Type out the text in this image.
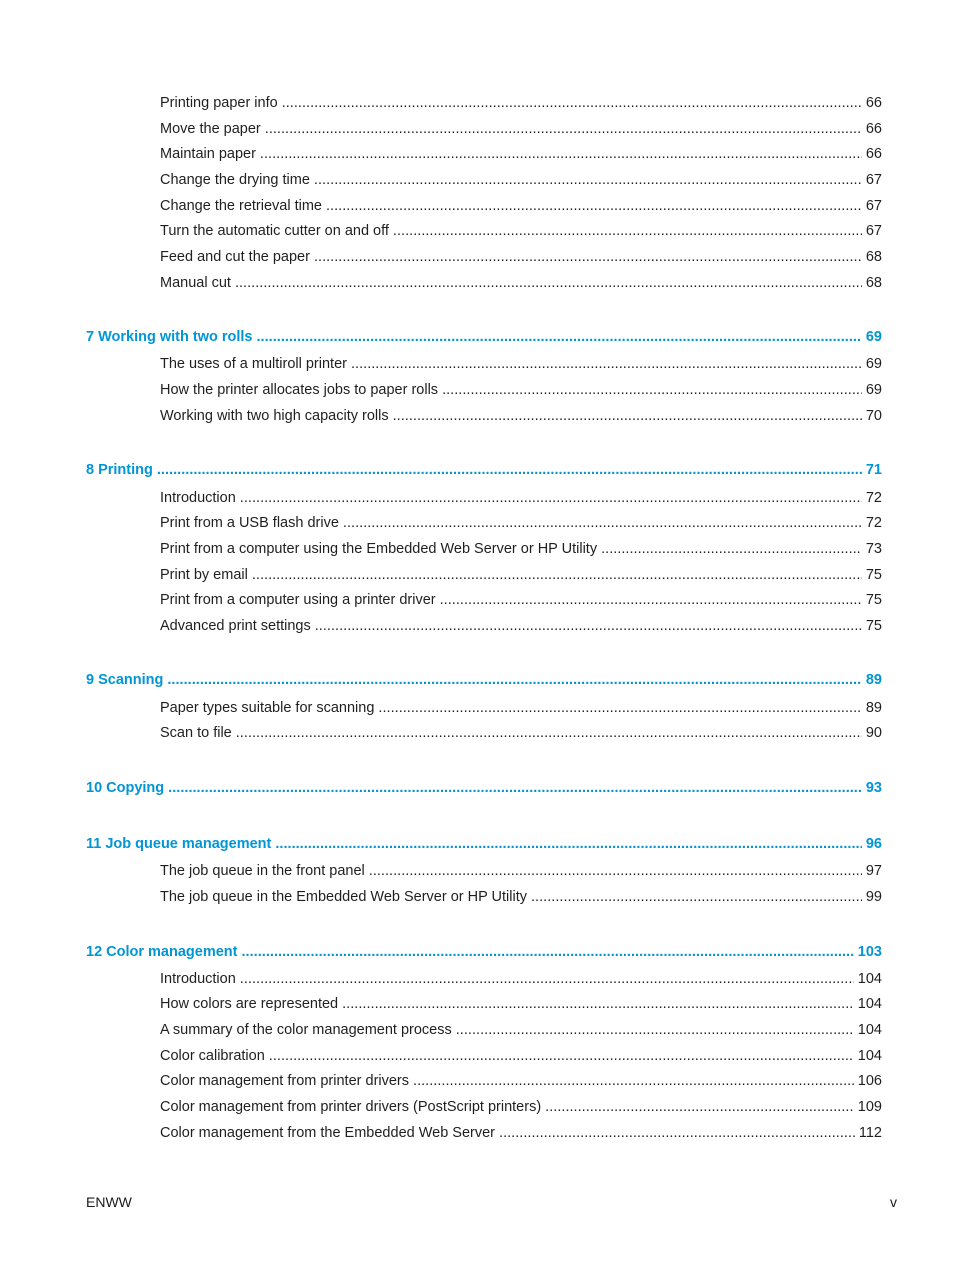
Printing paper info . . .	66
Move the paper . . .	66
Maintain paper . . .	66
Change the drying time . . .	67
Change the retrieval time . . .	67
Turn the automatic cutter on and off . . .	67
Feed and cut the paper . . .	68
Manual cut . . .	68
7 Working with two rolls . . .	69
The uses of a multiroll printer . . .	69
How the printer allocates jobs to paper rolls . . .	69
Working with two high capacity rolls . . .	70
8 Printing . . .	71
Introduction . . .	72
Print from a USB flash drive . . .	72
Print from a computer using the Embedded Web Server or HP Utility . . .	73
Print by email . . .	75
Print from a computer using a printer driver . . .	75
Advanced print settings . . .	75
9 Scanning . . .	89
Paper types suitable for scanning . . .	89
Scan to file . . .	90
10 Copying . . .	93
11 Job queue management . . .	96
The job queue in the front panel . . .	97
The job queue in the Embedded Web Server or HP Utility . . .	99
12 Color management . . .	103
Introduction . . .	104
How colors are represented . . .	104
A summary of the color management process . . .	104
Color calibration . . .	104
Color management from printer drivers . . .	106
Color management from printer drivers (PostScript printers) . . .	109
Color management from the Embedded Web Server . . .	112
ENWW	v
